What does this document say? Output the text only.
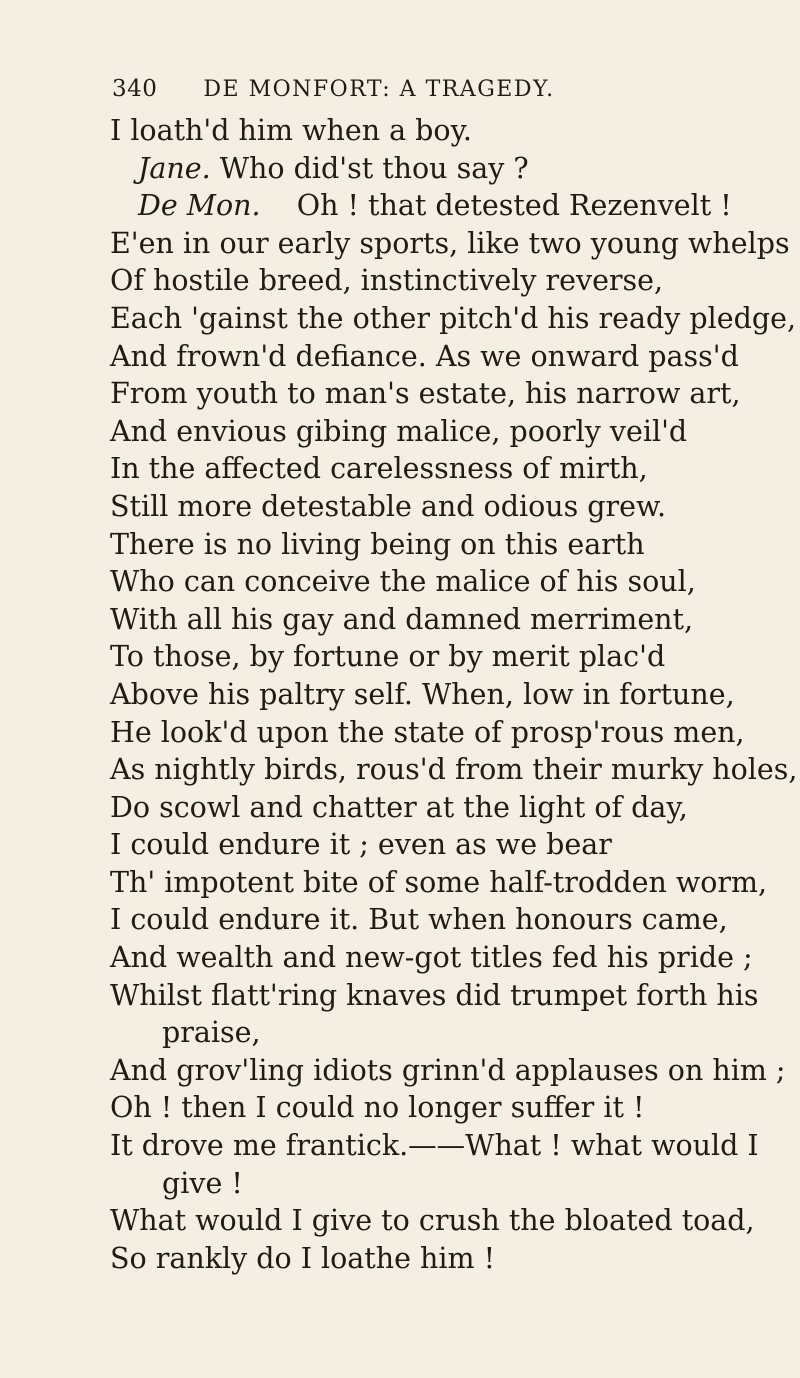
340 DE MONFORT: A TRAGEDY.
I loath'd him when a boy.
Jane. Who did'st thou say ?
De Mon.    Oh ! that detested Rezenvelt !
E'en in our early sports, like two young whelps
Of hostile breed, instinctively reverse,
Each 'gainst the other pitch'd his ready pledge,
And frown'd defiance. As we onward pass'd
From youth to man's estate, his narrow art,
And envious gibing malice, poorly veil'd
In the affected carelessness of mirth,
Still more detestable and odious grew.
There is no living being on this earth
Who can conceive the malice of his soul,
With all his gay and damned merriment,
To those, by fortune or by merit plac'd
Above his paltry self. When, low in fortune,
He look'd upon the state of prosp'rous men,
As nightly birds, rous'd from their murky holes,
Do scowl and chatter at the light of day,
I could endure it ; even as we bear
Th' impotent bite of some half-trodden worm,
I could endure it. But when honours came,
And wealth and new-got titles fed his pride ;
Whilst flatt'ring knaves did trumpet forth his
praise,
And grov'ling idiots grinn'd applauses on him ;
Oh ! then I could no longer suffer it !
It drove me frantick.——What ! what would I
give !
What would I give to crush the bloated toad,
So rankly do I loathe him !
